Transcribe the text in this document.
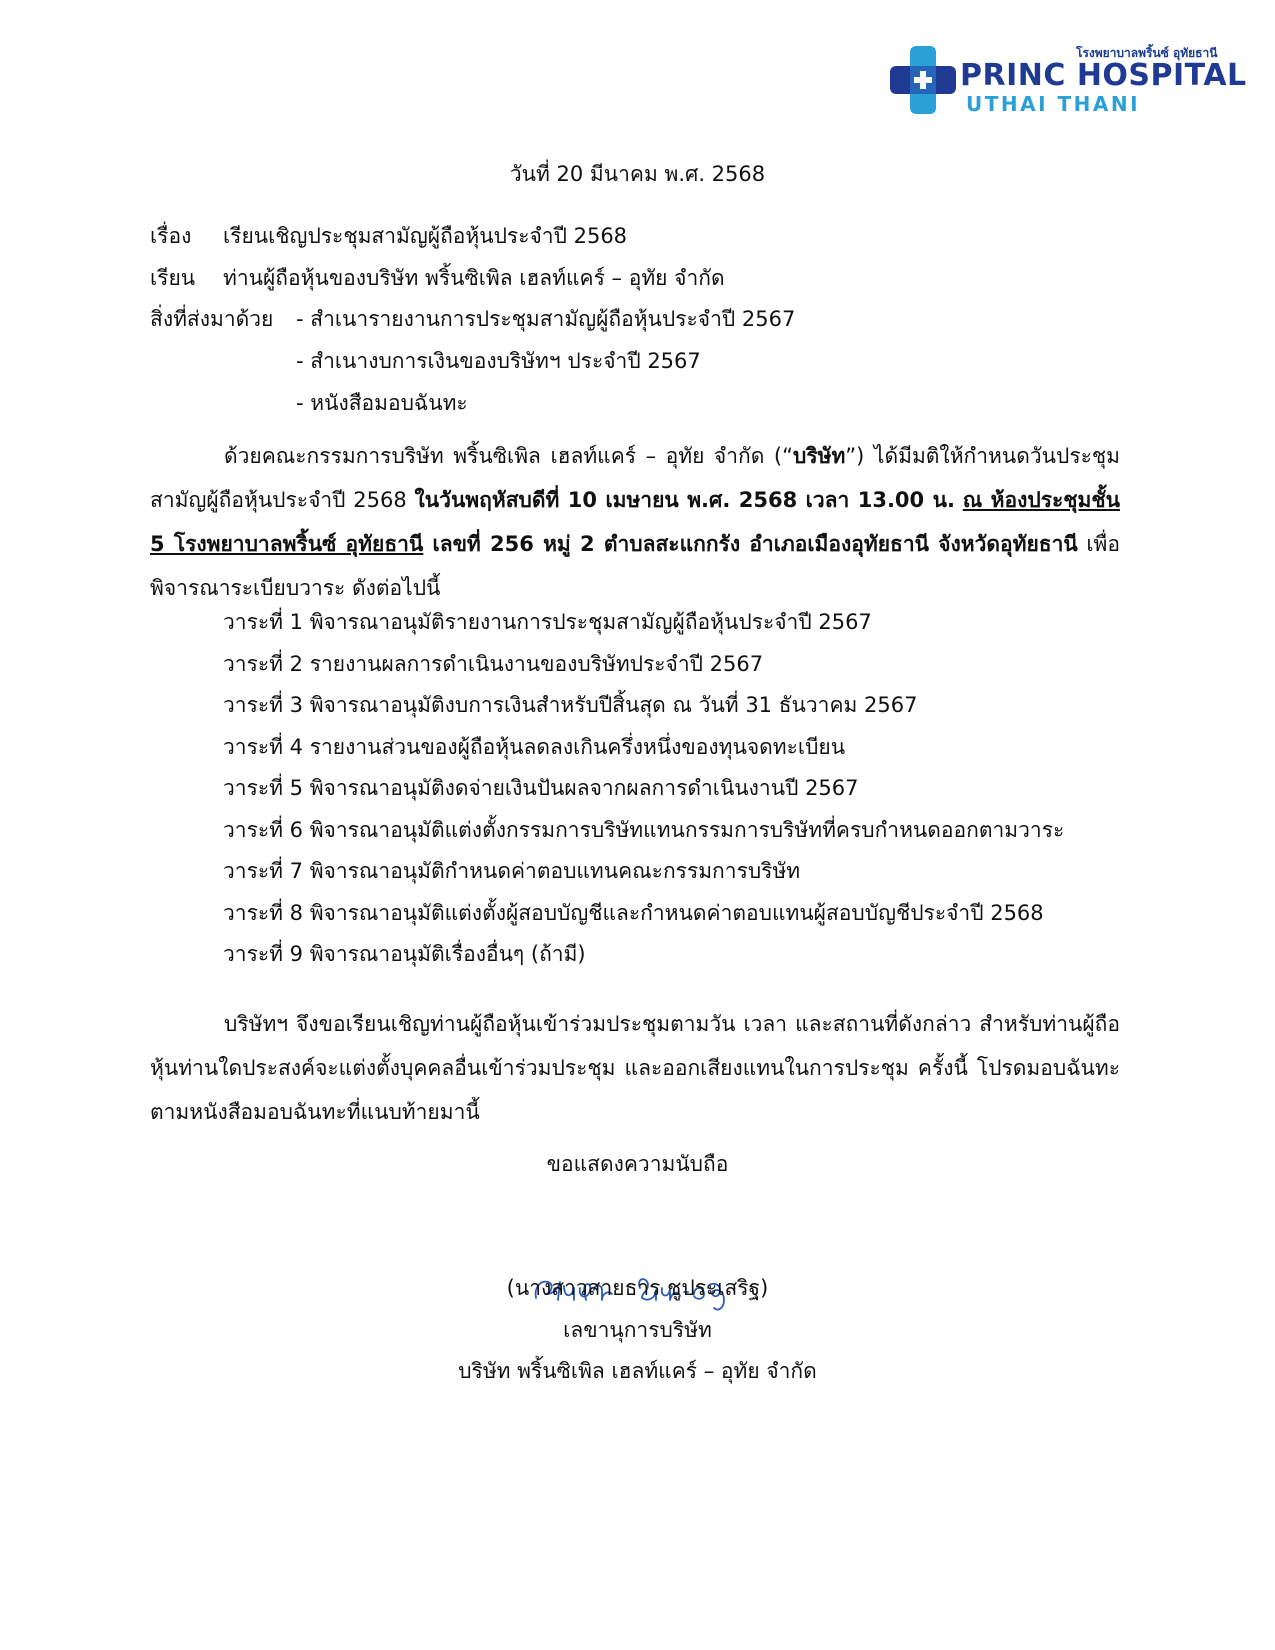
โรงพยาบาลพริ้นซ์ อุทัยธานี
PRINC HOSPITAL
UTHAI THANI
วันที่ 20 มีนาคม พ.ศ. 2568
เรื่อง เรียนเชิญประชุมสามัญผู้ถือหุ้นประจำปี 2568
เรียน ท่านผู้ถือหุ้นของบริษัท พริ้นซิเพิล เฮลท์แคร์ – อุทัย จำกัด
สิ่งที่ส่งมาด้วย - สำเนารายงานการประชุมสามัญผู้ถือหุ้นประจำปี 2567
- สำเนางบการเงินของบริษัทฯ ประจำปี 2567
- หนังสือมอบฉันทะ
ด้วยคณะกรรมการบริษัท พริ้นซิเพิล เฮลท์แคร์ – อุทัย จำกัด (“บริษัท”) ได้มีมติให้กำหนดวันประชุมสามัญผู้ถือหุ้นประจำปี 2568 ในวันพฤหัสบดีที่ 10 เมษายน พ.ศ. 2568 เวลา 13.00 น. ณ ห้องประชุมชั้น 5 โรงพยาบาลพริ้นซ์ อุทัยธานี เลขที่ 256 หมู่ 2 ตำบลสะแกกรัง อำเภอเมืองอุทัยธานี จังหวัดอุทัยธานี เพื่อพิจารณาระเบียบวาระ ดังต่อไปนี้
วาระที่ 1 พิจารณาอนุมัติรายงานการประชุมสามัญผู้ถือหุ้นประจำปี 2567
วาระที่ 2 รายงานผลการดำเนินงานของบริษัทประจำปี 2567
วาระที่ 3 พิจารณาอนุมัติงบการเงินสำหรับปีสิ้นสุด ณ วันที่ 31 ธันวาคม 2567
วาระที่ 4 รายงานส่วนของผู้ถือหุ้นลดลงเกินครึ่งหนึ่งของทุนจดทะเบียน
วาระที่ 5 พิจารณาอนุมัติงดจ่ายเงินปันผลจากผลการดำเนินงานปี 2567
วาระที่ 6 พิจารณาอนุมัติแต่งตั้งกรรมการบริษัทแทนกรรมการบริษัทที่ครบกำหนดออกตามวาระ
วาระที่ 7 พิจารณาอนุมัติกำหนดค่าตอบแทนคณะกรรมการบริษัท
วาระที่ 8 พิจารณาอนุมัติแต่งตั้งผู้สอบบัญชีและกำหนดค่าตอบแทนผู้สอบบัญชีประจำปี 2568
วาระที่ 9 พิจารณาอนุมัติเรื่องอื่นๆ (ถ้ามี)
บริษัทฯ จึงขอเรียนเชิญท่านผู้ถือหุ้นเข้าร่วมประชุมตามวัน เวลา และสถานที่ดังกล่าว สำหรับท่านผู้ถือหุ้นท่านใดประสงค์จะแต่งตั้งบุคคลอื่นเข้าร่วมประชุม และออกเสียงแทนในการประชุม ครั้งนี้ โปรดมอบฉันทะตามหนังสือมอบฉันทะที่แนบท้ายมานี้
ขอแสดงความนับถือ
(นางสาวสายธาร ชูประเสริฐ)
เลขานุการบริษัท
บริษัท พริ้นซิเพิล เฮลท์แคร์ – อุทัย จำกัด
